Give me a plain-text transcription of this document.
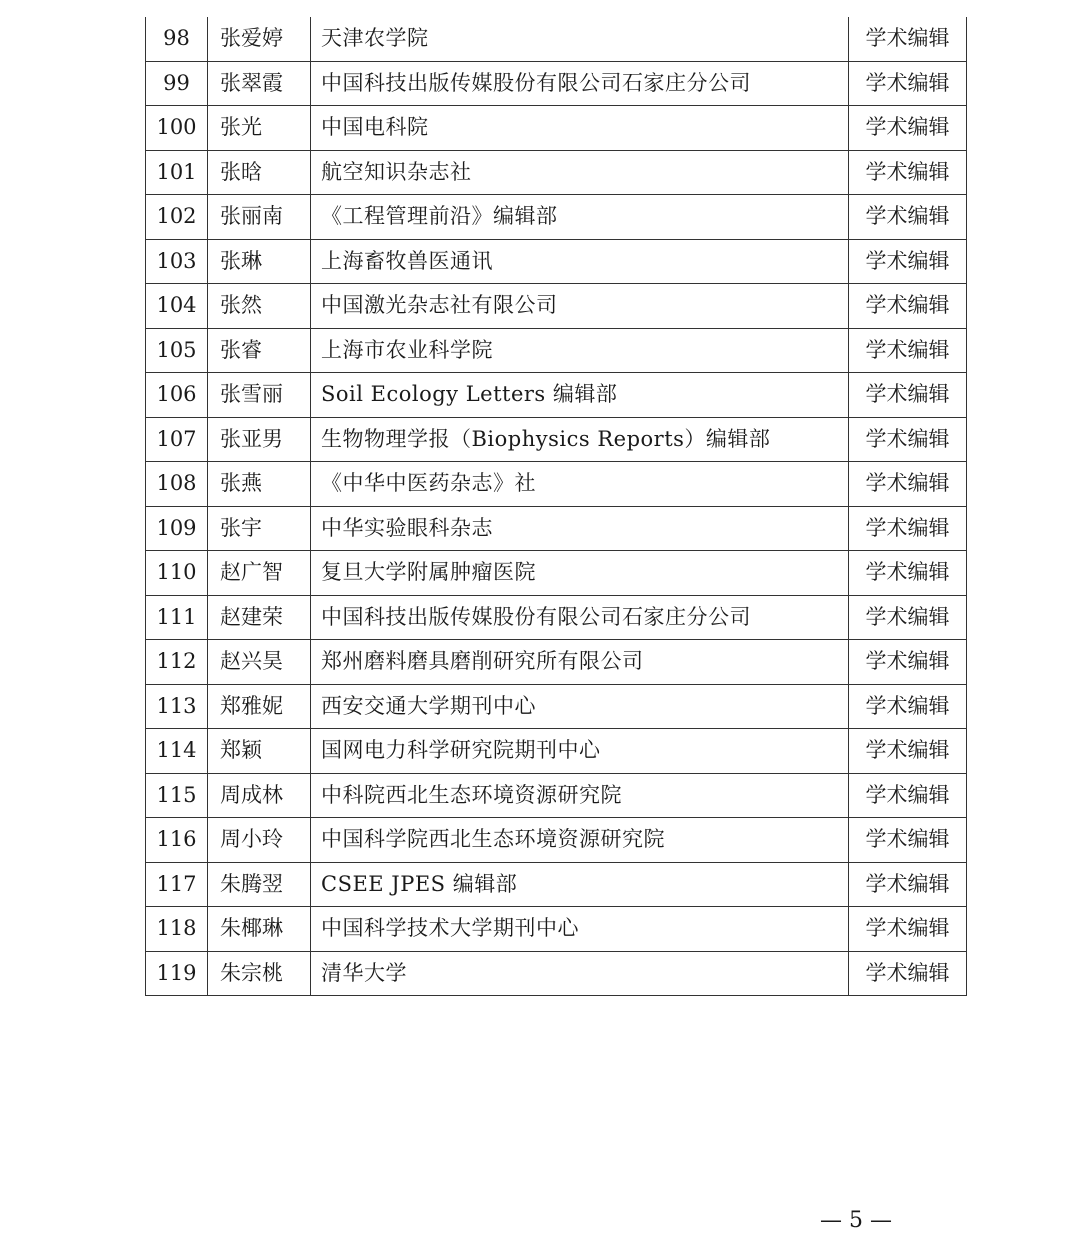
98	张爱婷	天津农学院	学术编辑
99	张翠霞	中国科技出版传媒股份有限公司石家庄分公司	学术编辑
100	张光	中国电科院	学术编辑
101	张晗	航空知识杂志社	学术编辑
102	张丽南	《工程管理前沿》编辑部	学术编辑
103	张琳	上海畜牧兽医通讯	学术编辑
104	张然	中国激光杂志社有限公司	学术编辑
105	张睿	上海市农业科学院	学术编辑
106	张雪丽	Soil Ecology Letters 编辑部	学术编辑
107	张亚男	生物物理学报（Biophysics Reports）编辑部	学术编辑
108	张燕	《中华中医药杂志》社	学术编辑
109	张宇	中华实验眼科杂志	学术编辑
110	赵广智	复旦大学附属肿瘤医院	学术编辑
111	赵建荣	中国科技出版传媒股份有限公司石家庄分公司	学术编辑
112	赵兴昊	郑州磨料磨具磨削研究所有限公司	学术编辑
113	郑雅妮	西安交通大学期刊中心	学术编辑
114	郑颖	国网电力科学研究院期刊中心	学术编辑
115	周成林	中科院西北生态环境资源研究院	学术编辑
116	周小玲	中国科学院西北生态环境资源研究院	学术编辑
117	朱腾翌	CSEE JPES 编辑部	学术编辑
118	朱椰琳	中国科学技术大学期刊中心	学术编辑
119	朱宗桃	清华大学	学术编辑
— 5 —
